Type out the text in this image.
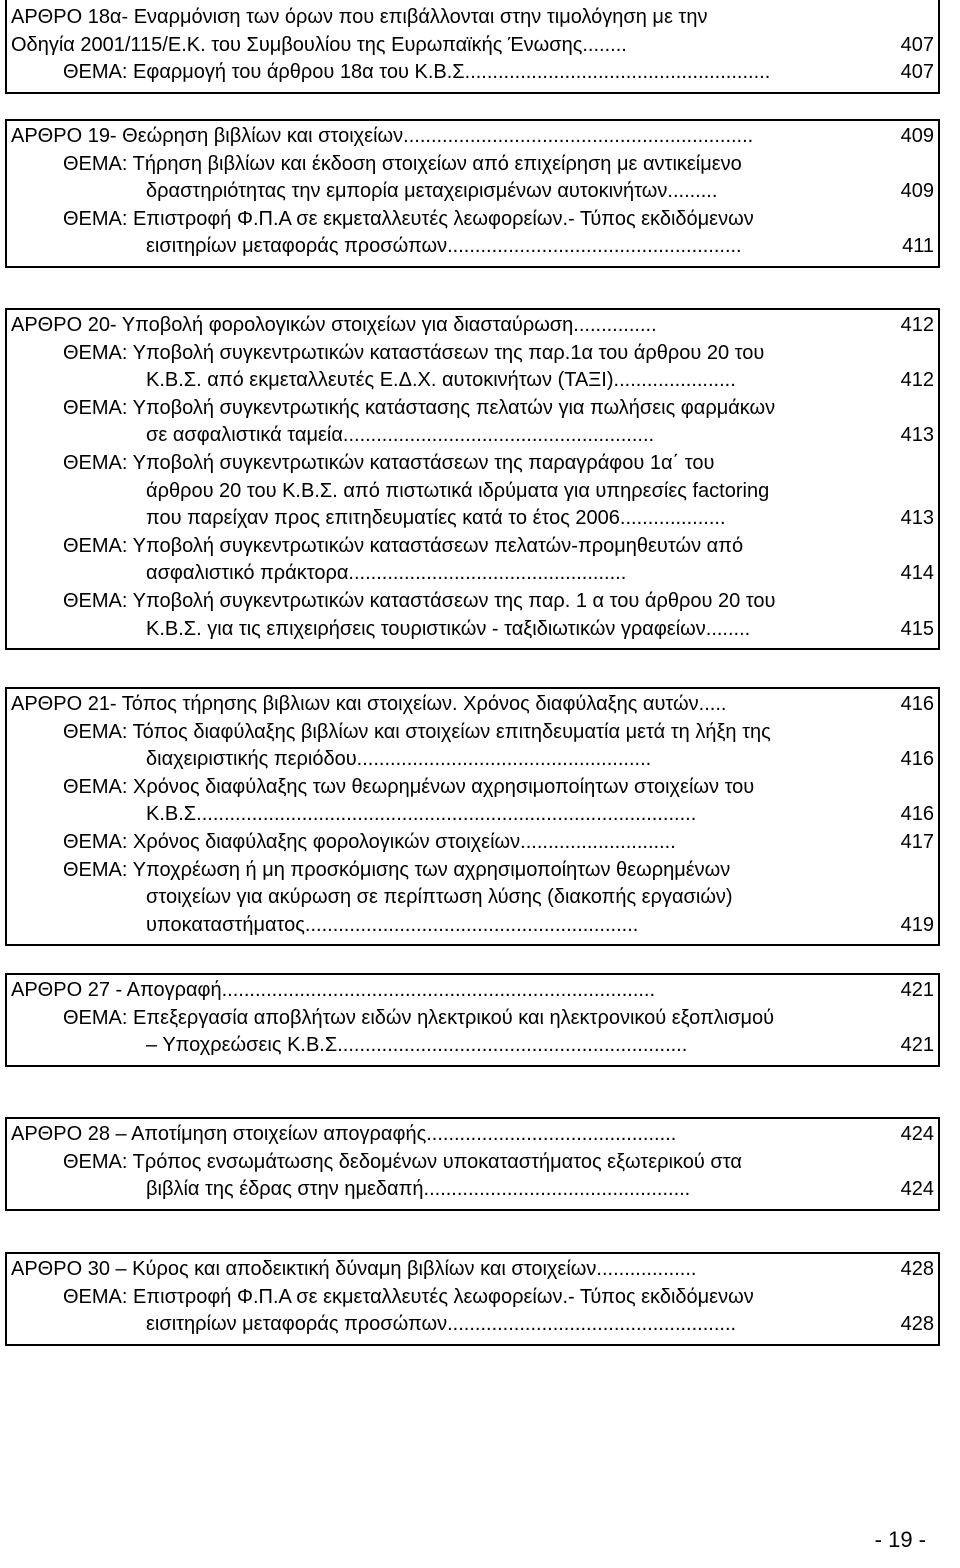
ΑΡΘΡΟ 18α- Εναρμόνιση των όρων που επιβάλλονται στην τιμολόγηση με την
Οδηγία 2001/115/Ε.Κ. του Συμβουλίου της Ευρωπαϊκής Ένωσης........	407
ΘΕΜΑ: Εφαρμογή του άρθρου 18α του Κ.Β.Σ.......................................................	407
ΑΡΘΡΟ 19- Θεώρηση βιβλίων και στοιχείων...............................................................	409
ΘΕΜΑ: Τήρηση βιβλίων και έκδοση στοιχείων από επιχείρηση με αντικείμενο
δραστηριότητας την εμπορία μεταχειρισμένων αυτοκινήτων.........	409
ΘΕΜΑ: Επιστροφή Φ.Π.Α σε εκμεταλλευτές λεωφορείων.- Τύπος εκδιδόμενων
εισιτηρίων μεταφοράς προσώπων.....................................................	411
ΑΡΘΡΟ 20- Υποβολή φορολογικών στοιχείων για διασταύρωση...............	412
ΘΕΜΑ: Υποβολή συγκεντρωτικών καταστάσεων της παρ.1α του άρθρου 20 του
Κ.Β.Σ. από εκμεταλλευτές Ε.Δ.Χ. αυτοκινήτων (ΤΑΞΙ)......................	412
ΘΕΜΑ: Υποβολή συγκεντρωτικής κατάστασης πελατών για πωλήσεις φαρμάκων
σε ασφαλιστικά ταμεία........................................................	413
ΘΕΜΑ: Υποβολή συγκεντρωτικών καταστάσεων της παραγράφου 1α΄ του
άρθρου 20 του Κ.Β.Σ. από πιστωτικά ιδρύματα για υπηρεσίες factoring
που παρείχαν προς επιτηδευματίες κατά το έτος 2006...................	413
ΘΕΜΑ: Υποβολή συγκεντρωτικών καταστάσεων πελατών-προμηθευτών από
ασφαλιστικό πράκτορα..................................................	414
ΘΕΜΑ: Υποβολή συγκεντρωτικών καταστάσεων της παρ. 1 α του άρθρου 20 του
Κ.Β.Σ. για τις επιχειρήσεις τουριστικών - ταξιδιωτικών γραφείων........	415
ΑΡΘΡΟ 21- Τόπος τήρησης βιβλιων και στοιχείων. Χρόνος διαφύλαξης αυτών.....	416
ΘΕΜΑ: Τόπος διαφύλαξης βιβλίων και στοιχείων επιτηδευματία μετά τη λήξη της
διαχειριστικής περιόδου.....................................................	416
ΘΕΜΑ: Χρόνος διαφύλαξης των θεωρημένων αχρησιμοποίητων στοιχείων του
Κ.Β.Σ..........................................................................................	416
ΘΕΜΑ: Χρόνος διαφύλαξης φορολογικών στοιχείων............................	417
ΘΕΜΑ: Υποχρέωση ή μη προσκόμισης των αχρησιμοποίητων θεωρημένων
στοιχείων για ακύρωση σε περίπτωση λύσης (διακοπής εργασιών)
υποκαταστήματος............................................................	419
ΑΡΘΡΟ 27 - Απογραφή..............................................................................	421
ΘΕΜΑ: Επεξεργασία αποβλήτων ειδών ηλεκτρικού και ηλεκτρονικού εξοπλισμού
– Υποχρεώσεις Κ.Β.Σ...............................................................	421
ΑΡΘΡΟ 28 – Αποτίμηση στοιχείων απογραφής.............................................	424
ΘΕΜΑ: Τρόπος ενσωμάτωσης δεδομένων υποκαταστήματος εξωτερικού στα
βιβλία της έδρας στην ημεδαπή................................................	424
ΑΡΘΡΟ 30 – Κύρος και αποδεικτική δύναμη βιβλίων και στοιχείων..................	428
ΘΕΜΑ: Επιστροφή Φ.Π.Α σε εκμεταλλευτές λεωφορείων.- Τύπος εκδιδόμενων
εισιτηρίων μεταφοράς προσώπων....................................................	428
- 19 -
